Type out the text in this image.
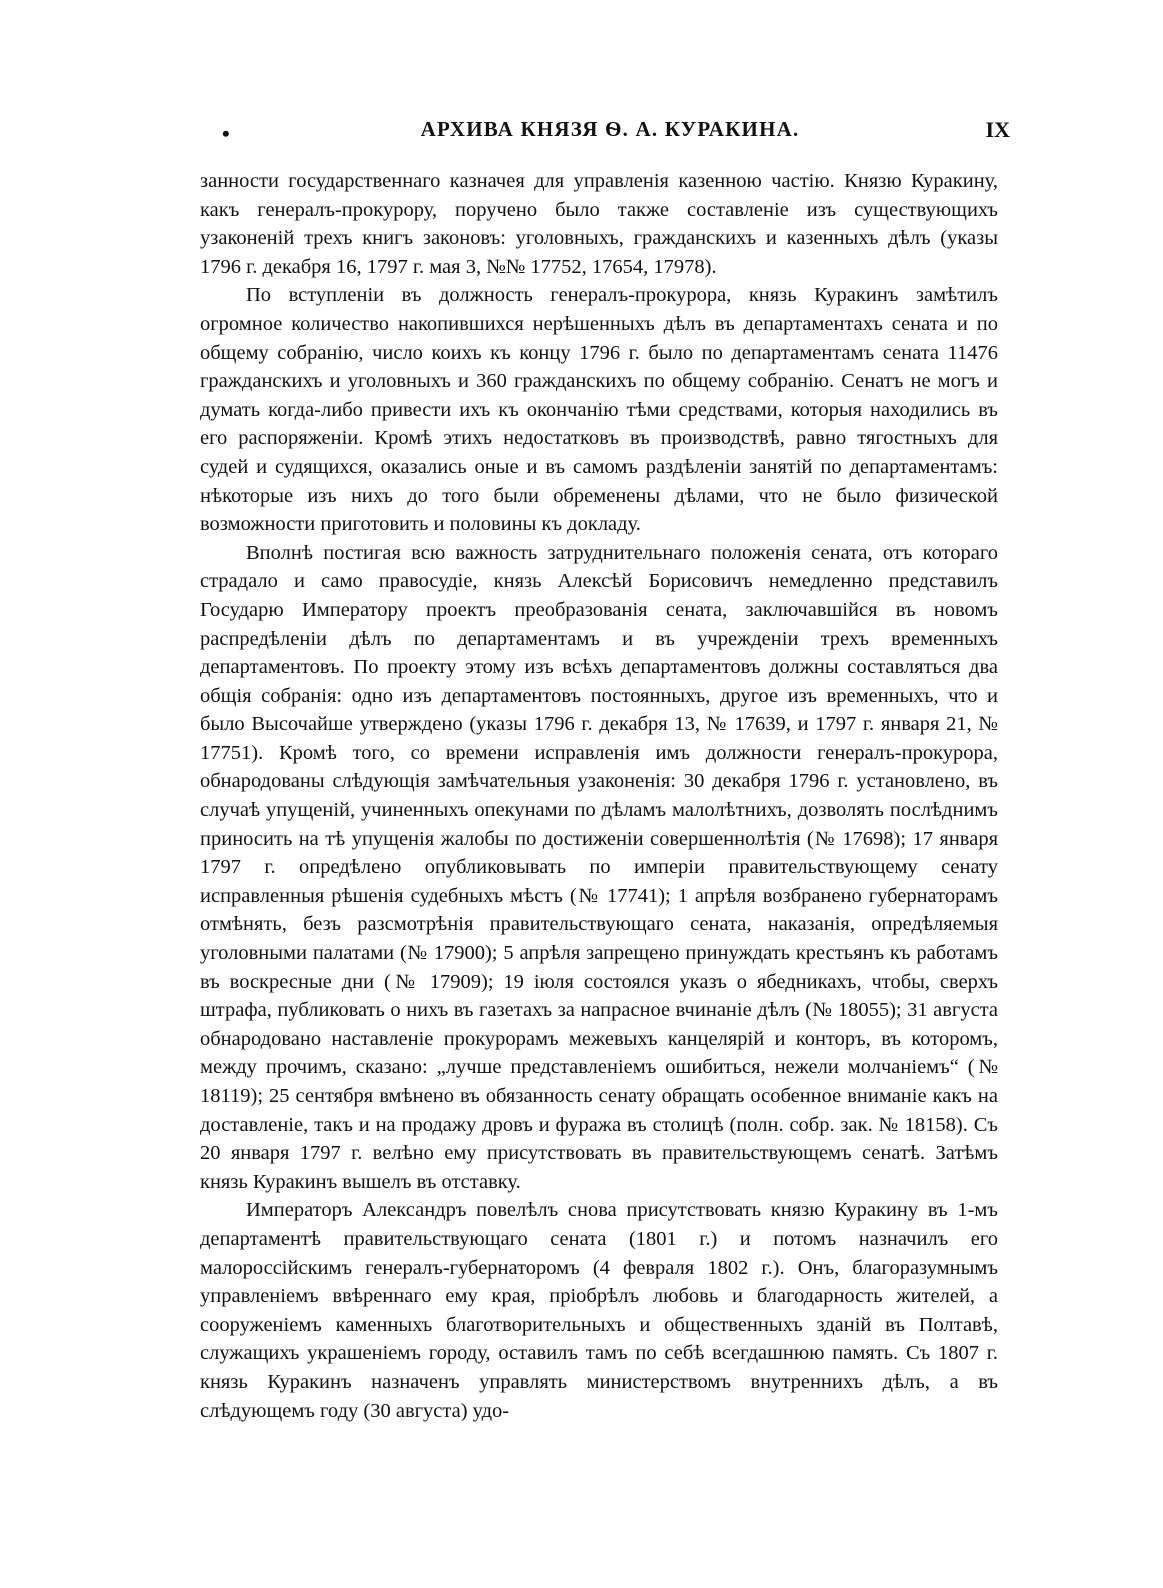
•	АРХИВА КНЯЗЯ Ѳ. А. КУРАКИНА.	IX

занности государственнаго казначея для управленія казенною частію. Князю Куракину, какъ генералъ-прокурору, поручено было также составленіе изъ существующихъ узаконеній трехъ книгъ законовъ: уголовныхъ, гражданскихъ и казенныхъ дѣлъ (указы 1796 г. декабря 16, 1797 г. мая 3, №№ 17752, 17654, 17978).

По вступленіи въ должность генералъ-прокурора, князь Куракинъ замѣтилъ огромное количество накопившихся нерѣшенныхъ дѣлъ въ департаментахъ сената и по общему собранію, число коихъ къ концу 1796 г. было по департаментамъ сената 11476 гражданскихъ и уголовныхъ и 360 гражданскихъ по общему собранію. Сенатъ не могъ и думать когда-либо привести ихъ къ окончанію тѣми средствами, которыя находились въ его распоряженіи. Кромѣ этихъ недостатковъ въ производствѣ, равно тягостныхъ для судей и судящихся, оказались оные и въ самомъ раздѣленіи занятій по департаментамъ: нѣкоторые изъ нихъ до того были обременены дѣлами, что не было физической возможности приготовить и половины къ докладу.

Вполнѣ постигая всю важность затруднительнаго положенія сената, отъ котораго страдало и само правосудіе, князь Алексѣй Борисовичъ немедленно представилъ Государю Императору проектъ преобразованія сената, заключавшійся въ новомъ распредѣленіи дѣлъ по департаментамъ и въ учрежденіи трехъ временныхъ департаментовъ. По проекту этому изъ всѣхъ департаментовъ должны составляться два общія собранія: одно изъ департаментовъ постоянныхъ, другое изъ временныхъ, что и было Высочайше утверждено (указы 1796 г. декабря 13, № 17639, и 1797 г. января 21, № 17751). Кромѣ того, со времени исправленія имъ должности генералъ-прокурора, обнародованы слѣдующія замѣчательныя узаконенія: 30 декабря 1796 г. установлено, въ случаѣ упущеній, учиненныхъ опекунами по дѣламъ малолѣтнихъ, дозволять послѣднимъ приносить на тѣ упущенія жалобы по достиженіи совершеннолѣтія (№ 17698); 17 января 1797 г. опредѣлено опубликовывать по имперіи правительствующему сенату исправленныя рѣшенія судебныхъ мѣстъ (№ 17741); 1 апрѣля возбранено губернаторамъ отмѣнять, безъ разсмотрѣнія правительствующаго сената, наказанія, опредѣляемыя уголовными палатами (№ 17900); 5 апрѣля запрещено принуждать крестьянъ къ работамъ въ воскресные дни (№ 17909); 19 іюля состоялся указъ о ябедникахъ, чтобы, сверхъ штрафа, публиковать о нихъ въ газетахъ за напрасное вчинаніе дѣлъ (№ 18055); 31 августа обнародовано наставленіе прокурорамъ межевыхъ канцелярій и конторъ, въ которомъ, между прочимъ, сказано: „лучше представленіемъ ошибиться, нежели молчаніемъ“ (№ 18119); 25 сентября вмѣнено въ обязанность сенату обращать особенное вниманіе какъ на доставленіе, такъ и на продажу дровъ и фуража въ столицѣ (полн. собр. зак. № 18158). Съ 20 января 1797 г. велѣно ему присутствовать въ правительствующемъ сенатѣ. Затѣмъ князь Куракинъ вышелъ въ отставку.

Императоръ Александръ повелѣлъ снова присутствовать князю Куракину въ 1-мъ департаментѣ правительствующаго сената (1801 г.) и потомъ назначилъ его малороссійскимъ генералъ-губернаторомъ (4 февраля 1802 г.). Онъ, благоразумнымъ управленіемъ ввѣреннаго ему края, пріобрѣлъ любовь и благодарность жителей, а сооруженіемъ каменныхъ благотворительныхъ и общественныхъ зданій въ Полтавѣ, служащихъ украшеніемъ городу, оставилъ тамъ по себѣ всегдашнюю память. Съ 1807 г. князь Куракинъ назначенъ управлять министерствомъ внутреннихъ дѣлъ, а въ слѣдующемъ году (30 августа) удо-
